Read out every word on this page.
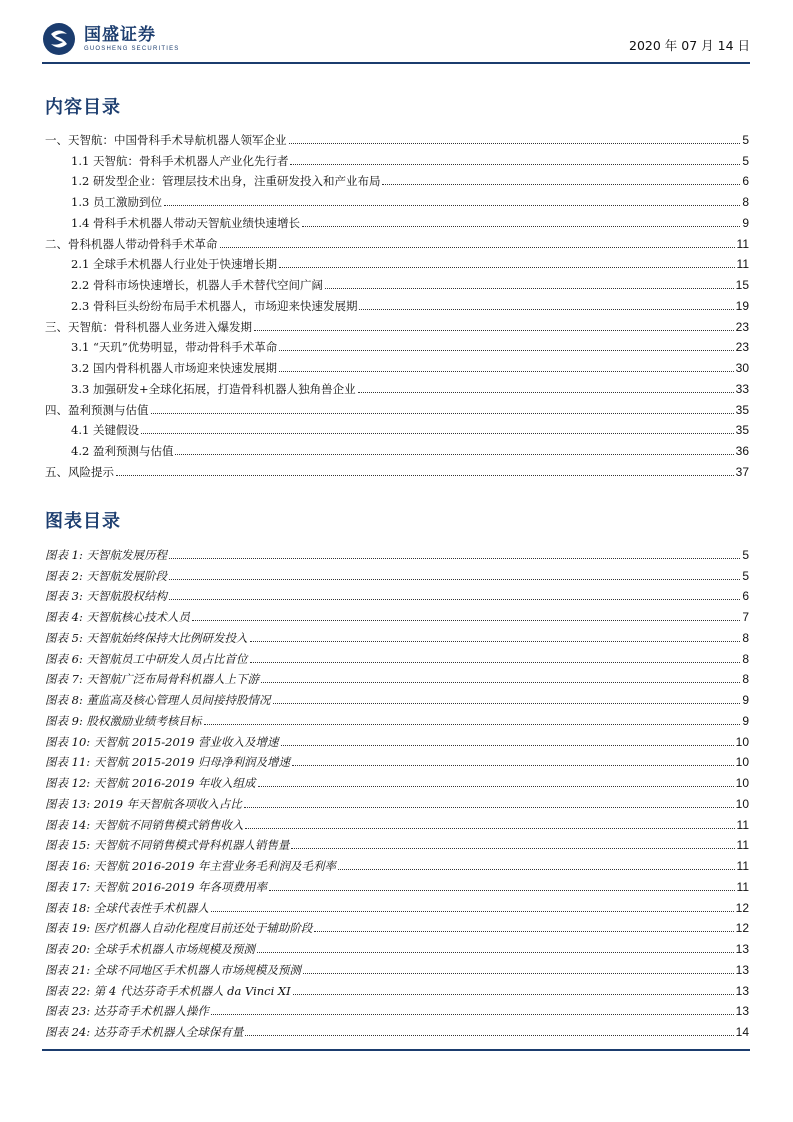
国盛证券
GUOSHENG SECURITIES	2020 年 07 月 14 日
内容目录
一、天智航：中国骨科手术导航机器人领军企业	5
1.1 天智航：骨科手术机器人产业化先行者	5
1.2 研发型企业：管理层技术出身，注重研发投入和产业布局	6
1.3 员工激励到位	8
1.4 骨科手术机器人带动天智航业绩快速增长	9
二、骨科机器人带动骨科手术革命	11
2.1 全球手术机器人行业处于快速增长期	11
2.2 骨科市场快速增长，机器人手术替代空间广阔	15
2.3 骨科巨头纷纷布局手术机器人，市场迎来快速发展期	19
三、天智航：骨科机器人业务进入爆发期	23
3.1 “天玑”优势明显，带动骨科手术革命	23
3.2 国内骨科机器人市场迎来快速发展期	30
3.3 加强研发+全球化拓展，打造骨科机器人独角兽企业	33
四、盈利预测与估值	35
4.1 关键假设	35
4.2 盈利预测与估值	36
五、风险提示	37
图表目录
图表 1: 天智航发展历程	5
图表 2: 天智航发展阶段	5
图表 3: 天智航股权结构	6
图表 4: 天智航核心技术人员	7
图表 5: 天智航始终保持大比例研发投入	8
图表 6: 天智航员工中研发人员占比首位	8
图表 7: 天智航广泛布局骨科机器人上下游	8
图表 8: 董监高及核心管理人员间接持股情况	9
图表 9: 股权激励业绩考核目标	9
图表 10: 天智航 2015-2019 营业收入及增速	10
图表 11: 天智航 2015-2019 归母净利润及增速	10
图表 12: 天智航 2016-2019 年收入组成	10
图表 13: 2019 年天智航各项收入占比	10
图表 14: 天智航不同销售模式销售收入	11
图表 15: 天智航不同销售模式骨科机器人销售量	11
图表 16: 天智航 2016-2019 年主营业务毛利润及毛利率	11
图表 17: 天智航 2016-2019 年各项费用率	11
图表 18: 全球代表性手术机器人	12
图表 19: 医疗机器人自动化程度目前还处于辅助阶段	12
图表 20: 全球手术机器人市场规模及预测	13
图表 21: 全球不同地区手术机器人市场规模及预测	13
图表 22: 第 4 代达芬奇手术机器人 da Vinci XI	13
图表 23: 达芬奇手术机器人操作	13
图表 24: 达芬奇手术机器人全球保有量	14
